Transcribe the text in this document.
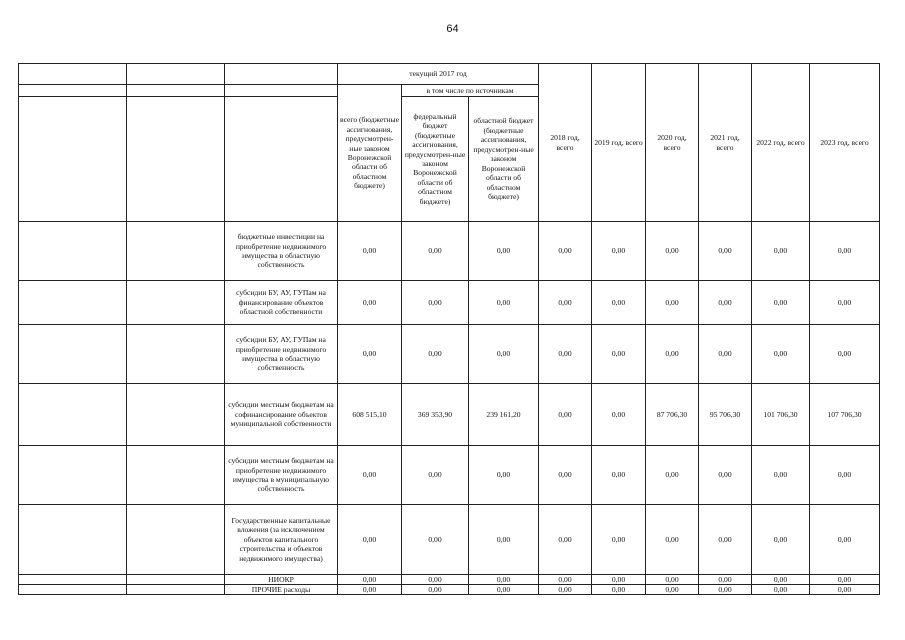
64
			текущий 2017 год			2018 год, всего	2019 год, всего	2020 год, всего	2021 год, всего	2022 год, всего	2023 год, всего
			всего (бюджетные ассигнования, предусмотрен-ные законом Воронежской области об областном бюджете)	в том числе по источникам							
				федеральный бюджет (бюджетные ассигнования, предусмотрен-ные законом Воронежской области об областном бюджете)	областной бюджет (бюджетные ассигнования, предусмотрен-ные законом Воронежской области об областном бюджете)						
		бюджетные инвестиции на приобретение недвижимого имущества в областную собственность	0,00	0,00	0,00	0,00	0,00	0,00	0,00	0,00	0,00
		субсидии БУ, АУ, ГУПам на финансирование объектов областной собственности	0,00	0,00	0,00	0,00	0,00	0,00	0,00	0,00	0,00
		субсидии БУ, АУ, ГУПам на приобретение недвижимого имущества в областную собственность	0,00	0,00	0,00	0,00	0,00	0,00	0,00	0,00	0,00
		субсидии местным бюджетам на софинансирование объектов муниципальной собственности	608 515,10	369 353,90	239 161,20	0,00	0,00	87 706,30	95 706,30	101 706,30	107 706,30
		субсидии местным бюджетам на приобретение недвижимого имущества в муниципальную собственность	0,00	0,00	0,00	0,00	0,00	0,00	0,00	0,00	0,00
		Государственные капитальные вложения (за исключением объектов капитального строительства и объектов недвижимого имущества)	0,00	0,00	0,00	0,00	0,00	0,00	0,00	0,00	0,00
		НИОКР	0,00	0,00	0,00	0,00	0,00	0,00	0,00	0,00	0,00
		ПРОЧИЕ расходы	0,00	0,00	0,00	0,00	0,00	0,00	0,00	0,00	0,00
